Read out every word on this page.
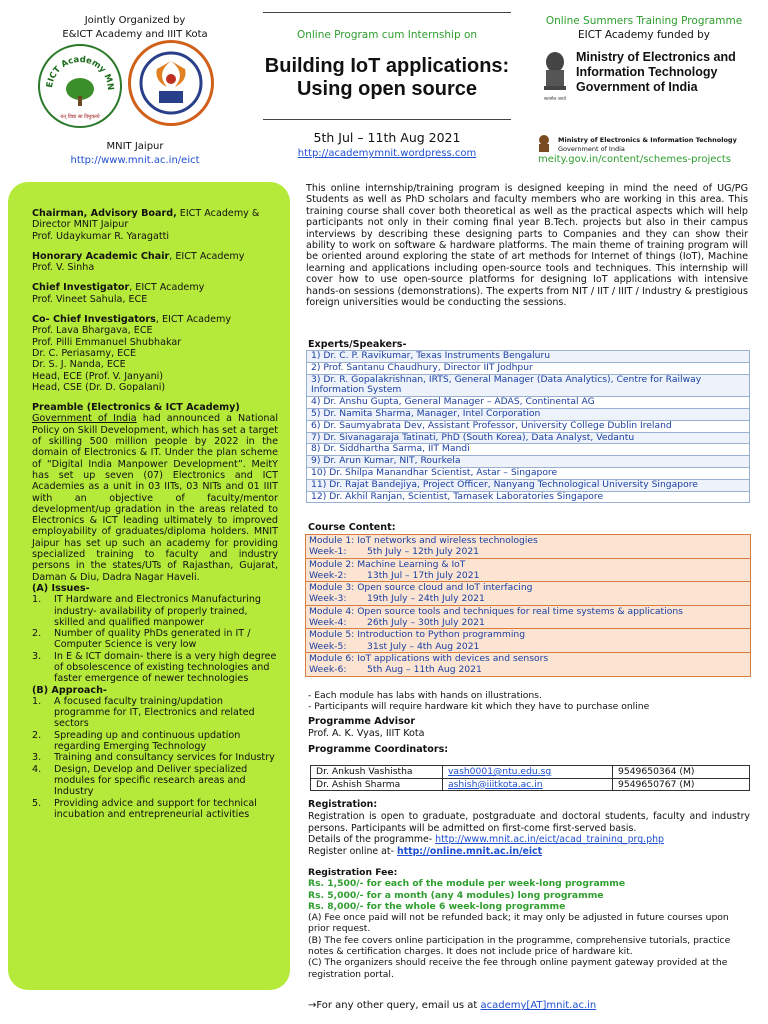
Jointly Organized by
E&ICT Academy and IIIT Kota
EICT Academy MN
यत् विद्या सा विमुक्तये
MNIT Jaipur
http://www.mnit.ac.in/eict
Online Program cum Internship on
Building IoT applications:
Using open source
5th Jul – 11th Aug 2021
http://academymnit.wordpress.com
Online Summers Training Programme
EICT Academy funded by
सत्यमेव जयते
Ministry of Electronics and
Information Technology
Government of India
Ministry of Electronics & Information Technology
Government of India
meity.gov.in/content/schemes-projects
Chairman, Advisory Board, EICT Academy & Director MNIT Jaipur
Prof. Udaykumar R. Yaragatti
Honorary Academic Chair, EICT Academy
Prof. V. Sinha
Chief Investigator, EICT Academy
Prof. Vineet Sahula, ECE
Co- Chief Investigators, EICT Academy
Prof. Lava Bhargava, ECE
Prof. Pilli Emmanuel Shubhakar
Dr. C. Periasamy, ECE
Dr. S. J. Nanda, ECE
Head, ECE (Prof. V. Janyani)
Head, CSE (Dr. D. Gopalani)
Preamble (Electronics & ICT Academy)
Government of India had announced a National Policy on Skill Development, which has set a target of skilling 500 million people by 2022 in the domain of Electronics & IT. Under the plan scheme of “Digital India Manpower Development”. MeitY has set up seven (07) Electronics and ICT Academies as a unit in 03 IITs, 03 NITs and 01 IIIT with an objective of faculty/mentor development/up gradation in the areas related to Electronics & ICT leading ultimately to improved employability of graduates/diploma holders. MNIT Jaipur has set up such an academy for providing specialized training to faculty and industry persons in the states/UTs of Rajasthan, Gujarat, Daman & Diu, Dadra Nagar Haveli.
(A) Issues-
1.	IT Hardware and Electronics Manufacturing industry- availability of properly trained, skilled and qualified manpower
2.	Number of quality PhDs generated in IT / Computer Science is very low
3.	In E & ICT domain- there is a very high degree of obsolescence of existing technologies and faster emergence of newer technologies
(B) Approach-
1.	A focused faculty training/updation programme for IT, Electronics and related sectors
2.	Spreading up and continuous updation regarding Emerging Technology
3.	Training and consultancy services for Industry
4.	Design, Develop and Deliver specialized modules for specific research areas and Industry
5.	Providing advice and support for technical incubation and entrepreneurial activities
This online internship/training program is designed keeping in mind the need of UG/PG Students as well as PhD scholars and faculty members who are working in this area. This training course shall cover both theoretical as well as the practical aspects which will help participants not only in their coming final year B.Tech. projects but also in their campus interviews by describing these designing parts to Companies and they can show their ability to work on software & hardware platforms. The main theme of training program will be oriented around exploring the state of art methods for Internet of things (IoT), Machine learning and applications including open-source tools and techniques. This internship will cover how to use open-source platforms for designing IoT applications with intensive hands-on sessions (demonstrations). The experts from NIT / IIT / IIIT / Industry & prestigious foreign universities would be conducting the sessions.
Experts/Speakers-
1) Dr. C. P. Ravikumar, Texas Instruments Bengaluru
2) Prof. Santanu Chaudhury, Director IIT Jodhpur
3) Dr. R. Gopalakrishnan, IRTS, General Manager (Data Analytics), Centre for Railway Information System
4) Dr. Anshu Gupta, General Manager – ADAS, Continental AG
5) Dr. Namita Sharma, Manager, Intel Corporation
6) Dr. Saumyabrata Dev, Assistant Professor, University College Dublin Ireland
7) Dr. Sivanagaraja Tatinati, PhD (South Korea), Data Analyst, Vedantu
8) Dr. Siddhartha Sarma, IIT Mandi
9) Dr. Arun Kumar, NIT, Rourkela
10) Dr. Shilpa Manandhar Scientist, Astar – Singapore
11) Dr. Rajat Bandejiya, Project Officer, Nanyang Technological University Singapore
12) Dr. Akhil Ranjan, Scientist, Tamasek Laboratories Singapore
Course Content:
Module 1: IoT networks and wireless technologies
Week-1: 5th July – 12th July 2021
Module 2: Machine Learning & IoT
Week-2: 13th Jul – 17th July 2021
Module 3: Open source cloud and IoT interfacing
Week-3: 19th July – 24th July 2021
Module 4: Open source tools and techniques for real time systems & applications
Week-4: 26th July – 30th July 2021
Module 5: Introduction to Python programming
Week-5: 31st July – 4th Aug 2021
Module 6: IoT applications with devices and sensors
Week-6: 5th Aug – 11th Aug 2021
- Each module has labs with hands on illustrations.
- Participants will require hardware kit which they have to purchase online
Programme Advisor
Prof. A. K. Vyas, IIIT Kota
Programme Coordinators:
Dr. Ankush Vashistha	vash0001@ntu.edu.sg	9549650364 (M)
Dr. Ashish Sharma	ashish@iiitkota.ac.in	9549650767 (M)
Registration:
Registration is open to graduate, postgraduate and doctoral students, faculty and industry persons. Participants will be admitted on first-come first-served basis.
Details of the programme- http://www.mnit.ac.in/eict/acad_training_prg.php
Register online at- http://online.mnit.ac.in/eict
Registration Fee:
Rs. 1,500/- for each of the module per week-long programme
Rs. 5,000/- for a month (any 4 modules) long programme
Rs. 8,000/- for the whole 6 week-long programme
(A) Fee once paid will not be refunded back; it may only be adjusted in future courses upon prior request.
(B) The fee covers online participation in the programme, comprehensive tutorials, practice notes & certification charges. It does not include price of hardware kit.
(C) The organizers should receive the fee through online payment gateway provided at the registration portal.
→For any other query, email us at academy[AT]mnit.ac.in
